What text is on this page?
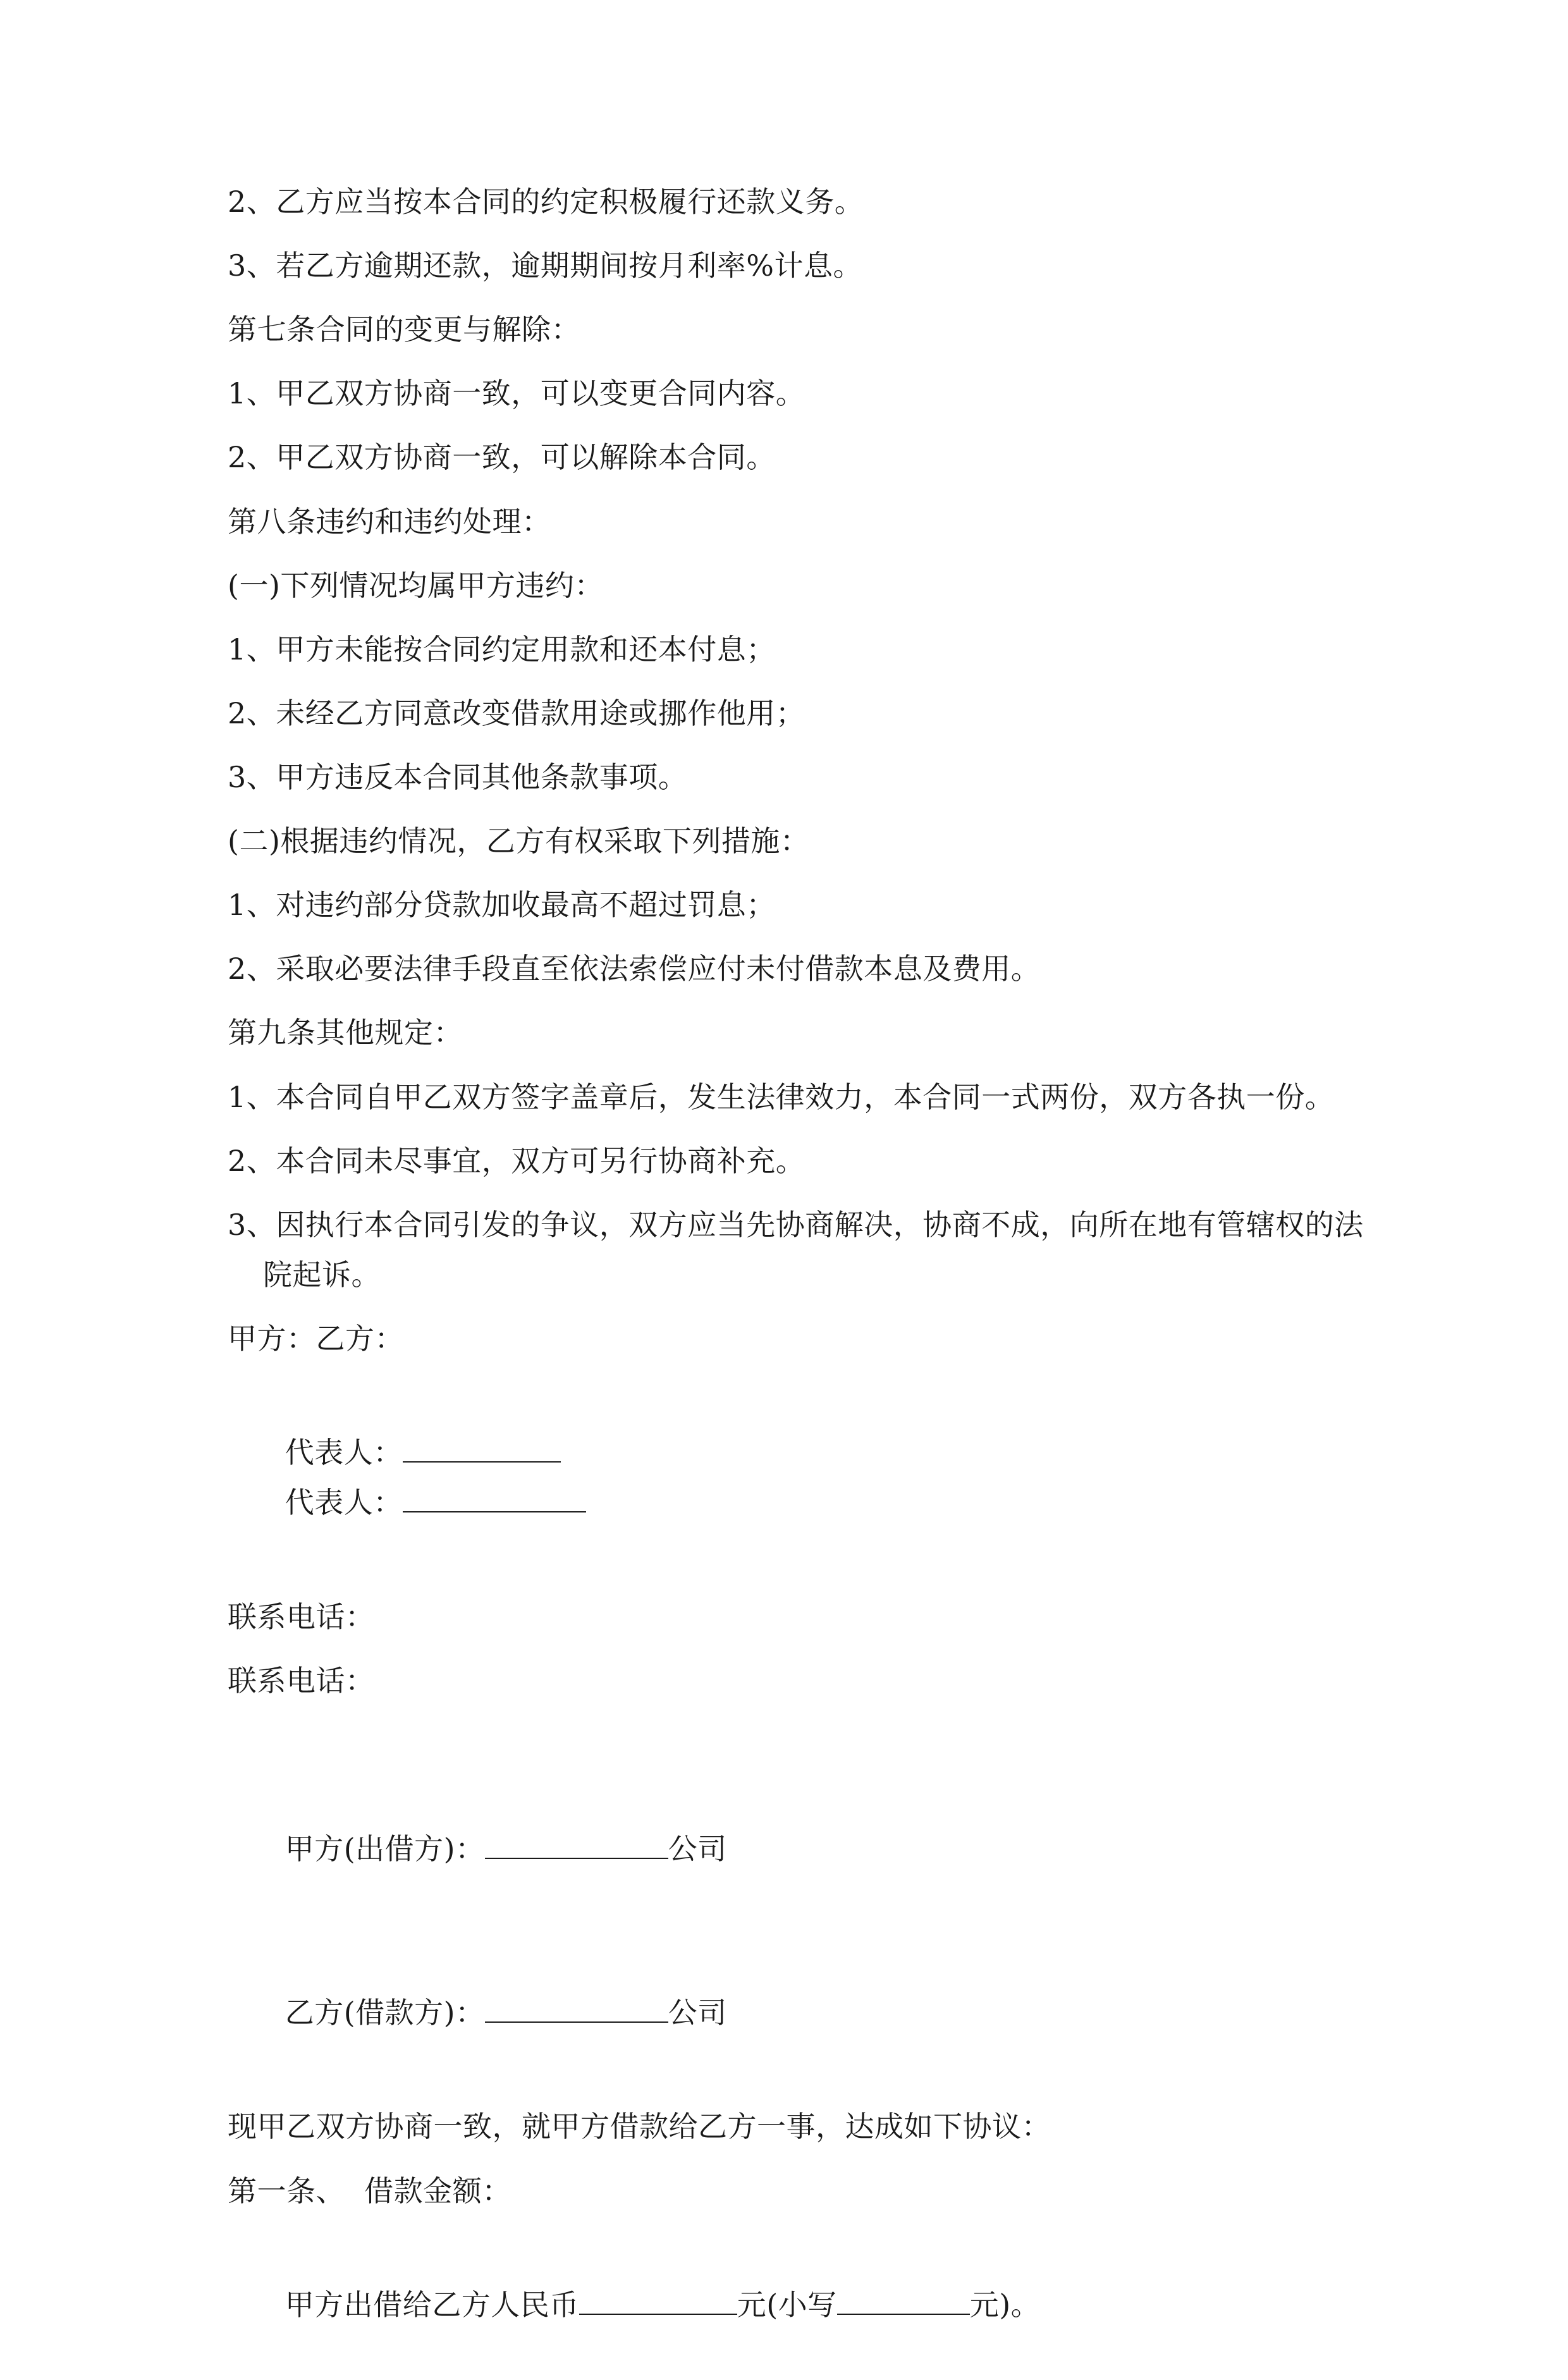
2、乙方应当按本合同的约定积极履行还款义务。

3、若乙方逾期还款，逾期期间按月利率%计息。

第七条合同的变更与解除：

1、甲乙双方协商一致，可以变更合同内容。

2、甲乙双方协商一致，可以解除本合同。

第八条违约和违约处理：

(一)下列情况均属甲方违约：

1、甲方未能按合同约定用款和还本付息；

2、未经乙方同意改变借款用途或挪作他用；

3、甲方违反本合同其他条款事项。

(二)根据违约情况，乙方有权采取下列措施：

1、对违约部分贷款加收最高不超过罚息；

2、采取必要法律手段直至依法索偿应付未付借款本息及费用。

第九条其他规定：

1、本合同自甲乙双方签字盖章后，发生法律效力，本合同一式两份，双方各执一份。

2、本合同未尽事宜，双方可另行协商补充。

3、因执行本合同引发的争议，双方应当先协商解决，协商不成，向所在地有管辖权的法院起诉。

甲方：乙方：

代表人：
代表人：

联系电话：

联系电话：

甲方(出借方)：	公司

乙方(借款方)：	公司

现甲乙双方协商一致，就甲方借款给乙方一事，达成如下协议：

第一条、  借款金额：

甲方出借给乙方人民币	元(小写	元)。
